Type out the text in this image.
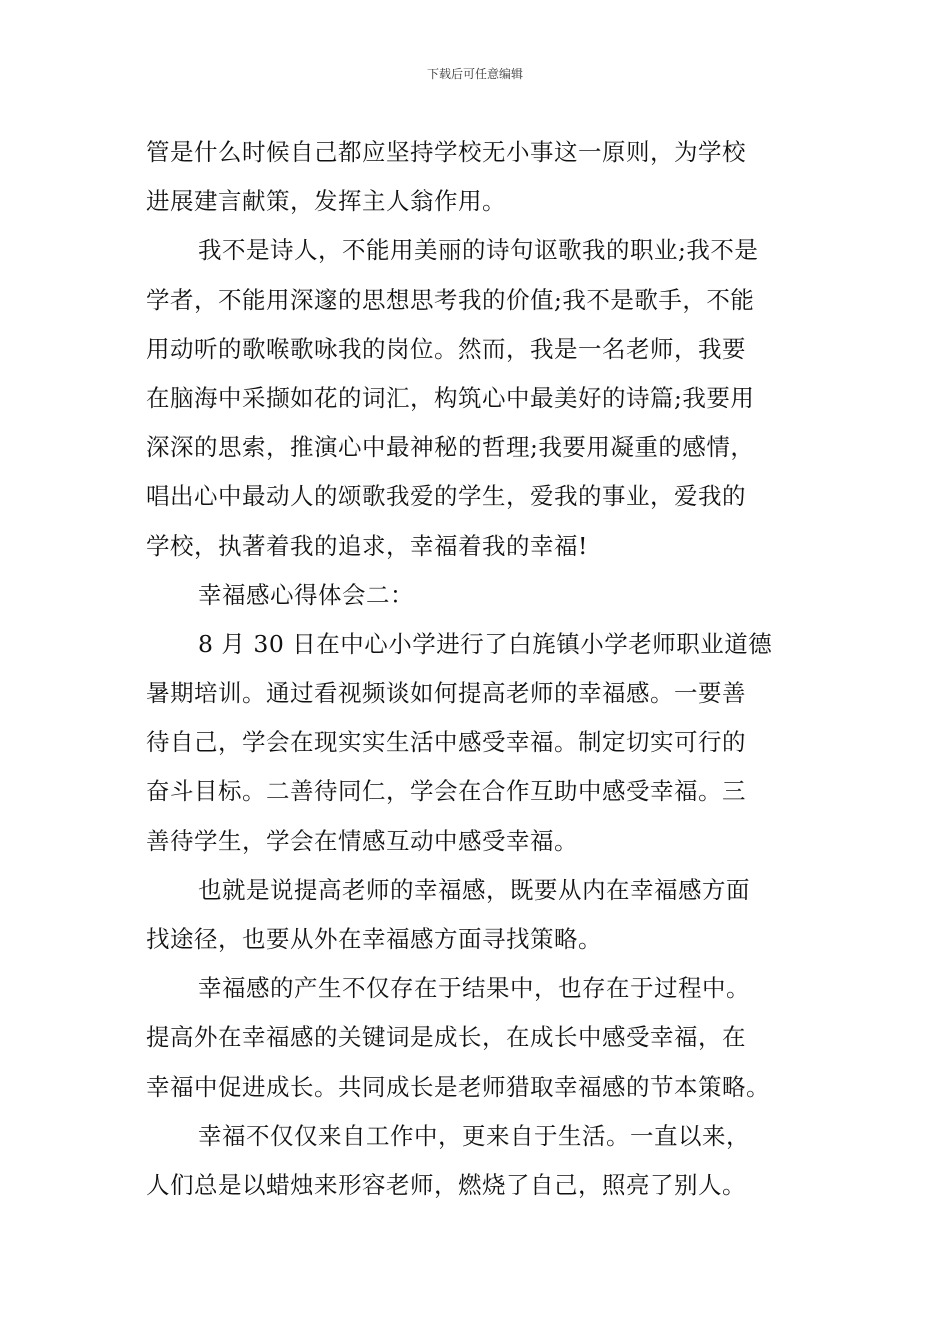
下载后可任意编辑
管是什么时候自己都应坚持学校无小事这一原则，为学校
进展建言献策，发挥主人翁作用。
我不是诗人，不能用美丽的诗句讴歌我的职业;我不是
学者，不能用深邃的思想思考我的价值;我不是歌手，不能
用动听的歌喉歌咏我的岗位。然而，我是一名老师，我要
在脑海中采撷如花的词汇，构筑心中最美好的诗篇;我要用
深深的思索，推演心中最神秘的哲理;我要用凝重的感情，
唱出心中最动人的颂歌我爱的学生，爱我的事业，爱我的
学校，执著着我的追求，幸福着我的幸福!
幸福感心得体会二：
8 月 30 日在中心小学进行了白旄镇小学老师职业道德
暑期培训。通过看视频谈如何提高老师的幸福感。一要善
待自己，学会在现实实生活中感受幸福。制定切实可行的
奋斗目标。二善待同仁，学会在合作互助中感受幸福。三
善待学生，学会在情感互动中感受幸福。
也就是说提高老师的幸福感，既要从内在幸福感方面
找途径，也要从外在幸福感方面寻找策略。
幸福感的产生不仅存在于结果中，也存在于过程中。
提高外在幸福感的关键词是成长，在成长中感受幸福，在
幸福中促进成长。共同成长是老师猎取幸福感的节本策略。
幸福不仅仅来自工作中，更来自于生活。一直以来，
人们总是以蜡烛来形容老师，燃烧了自己，照亮了别人。
